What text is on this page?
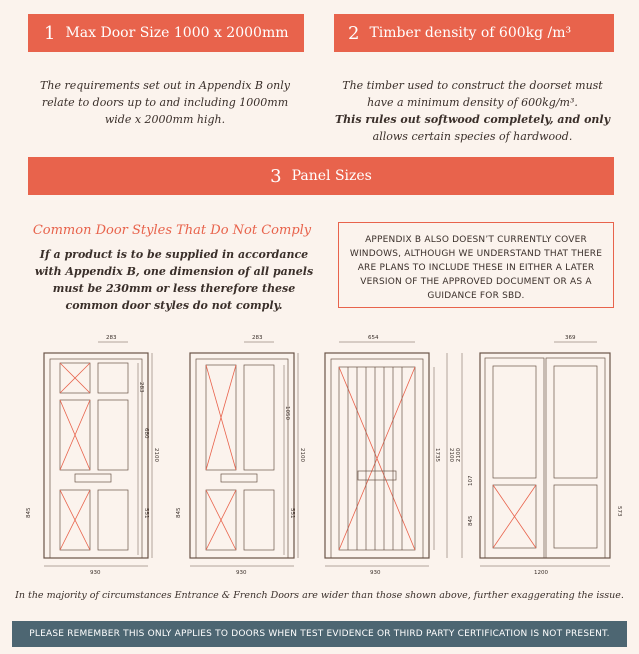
1 Max Door Size 1000 x 2000mm	2 Timber density of 600kg /m³
The requirements set out in Appendix B only relate to doors up to and including 1000mm wide x 2000mm high.
The timber used to construct the doorset must have a minimum density of 600kg/m³.
This rules out softwood completely, and only
allows certain species of hardwood.
3 Panel Sizes
Common Door Styles That Do Not Comply
If a product is to be supplied in accordance with Appendix B, one dimension of all panels must be 230mm or less therefore these common door styles do not comply.
APPENDIX B ALSO DOESN’T CURRENTLY COVER WINDOWS, ALTHOUGH WE UNDERSTAND THAT THERE ARE PLANS TO INCLUDE THESE IN EITHER A LATER VERSION OF THE APPROVED DOCUMENT OR AS A GUIDANCE FOR SBD.
930
283
283
680
551
2100
845
930
283
1050
551
2100
845
930
654
1735 2100
1200
369
107
845
2100
573
In the majority of circumstances Entrance & French Doors are wider than those shown above, further exaggerating the issue.
PLEASE REMEMBER THIS ONLY APPLIES TO DOORS WHEN TEST EVIDENCE OR THIRD PARTY CERTIFICATION IS NOT PRESENT.
